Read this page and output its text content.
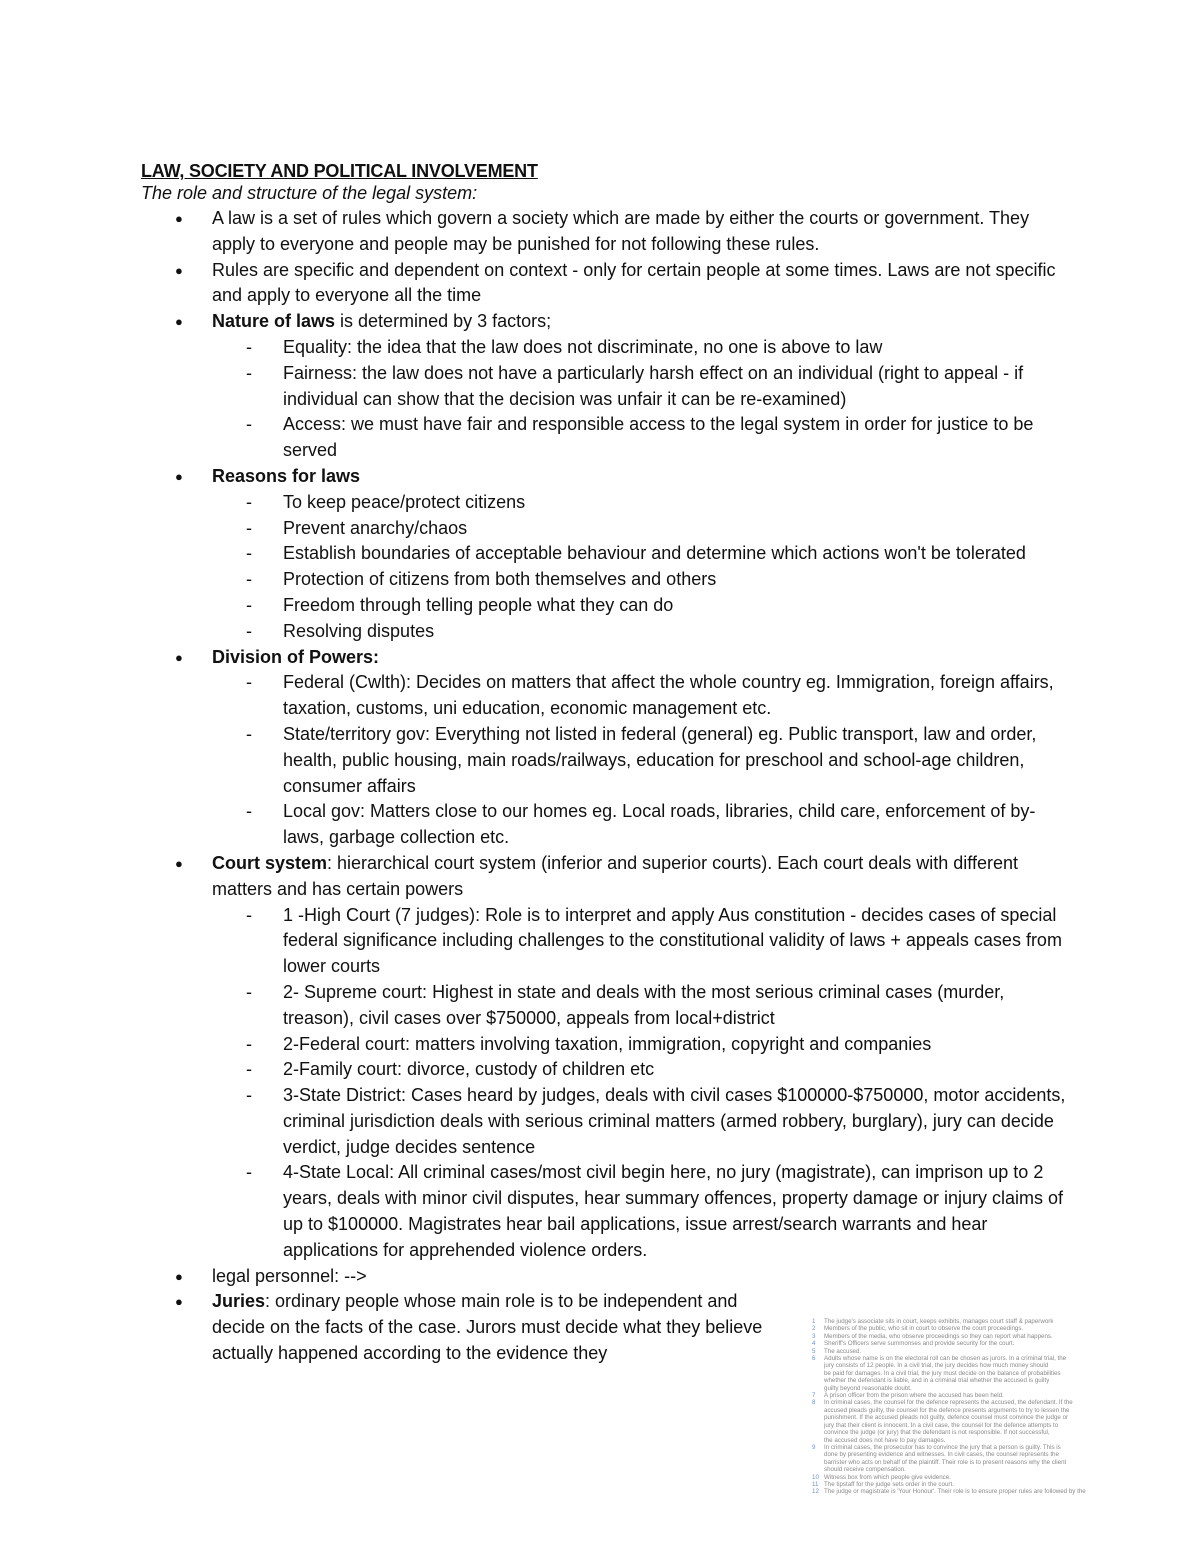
LAW, SOCIETY AND POLITICAL INVOLVEMENT
The role and structure of the legal system:
● A law is a set of rules which govern a society which are made by either the courts or government. They apply to everyone and people may be punished for not following these rules.
● Rules are specific and dependent on context - only for certain people at some times. Laws are not specific and apply to everyone all the time
● Nature of laws is determined by 3 factors;
- Equality: the idea that the law does not discriminate, no one is above to law
- Fairness: the law does not have a particularly harsh effect on an individual (right to appeal - if individual can show that the decision was unfair it can be re-examined)
- Access: we must have fair and responsible access to the legal system in order for justice to be served
● Reasons for laws
- To keep peace/protect citizens
- Prevent anarchy/chaos
- Establish boundaries of acceptable behaviour and determine which actions won't be tolerated
- Protection of citizens from both themselves and others
- Freedom through telling people what they can do
- Resolving disputes
● Division of Powers:
- Federal (Cwlth): Decides on matters that affect the whole country eg. Immigration, foreign affairs, taxation, customs, uni education, economic management etc.
- State/territory gov: Everything not listed in federal (general) eg. Public transport, law and order, health, public housing, main roads/railways, education for preschool and school-age children, consumer affairs
- Local gov: Matters close to our homes eg. Local roads, libraries, child care, enforcement of by-laws, garbage collection etc.
● Court system: hierarchical court system (inferior and superior courts). Each court deals with different matters and has certain powers
- 1 -High Court (7 judges): Role is to interpret and apply Aus constitution - decides cases of special federal significance including challenges to the constitutional validity of laws + appeals cases from lower courts
- 2- Supreme court: Highest in state and deals with the most serious criminal cases (murder, treason), civil cases over $750000, appeals from local+district
- 2-Federal court: matters involving taxation, immigration, copyright and companies
- 2-Family court: divorce, custody of children etc
- 3-State District: Cases heard by judges, deals with civil cases $100000-$750000, motor accidents, criminal jurisdiction deals with serious criminal matters (armed robbery, burglary), jury can decide verdict, judge decides sentence
- 4-State Local: All criminal cases/most civil begin here, no jury (magistrate), can imprison up to 2 years, deals with minor civil disputes, hear summary offences, property damage or injury claims of up to $100000. Magistrates hear bail applications, issue arrest/search warrants and hear applications for apprehended violence orders.
● legal personnel: -->
● Juries: ordinary people whose main role is to be independent and decide on the facts of the case. Jurors must decide what they believe actually happened according to the evidence they
1	The judge's associate sits in court, keeps exhibits, manages court staff & paperwork
2	Members of the public, who sit in court to observe the court proceedings.
3	Members of the media, who observe proceedings so they can report what happens.
4	Sheriff's Officers serve summonses and provide security for the court.
5	The accused.
6	Adults whose name is on the electoral roll can be chosen as jurors. In a criminal trial, the
jury consists of 12 people. In a civil trial, the jury decides how much money should
be paid for damages. In a civil trial, the jury must decide on the balance of probabilities
whether the defendant is liable, and in a criminal trial whether the accused is guilty
guilty beyond reasonable doubt.
7	A prison officer from the prison where the accused has been held.
8	In criminal cases, the counsel for the defence represents the accused, the defendant. If the
accused pleads guilty, the counsel for the defence presents arguments to try to lessen the
punishment. If the accused pleads not guilty, defence counsel must convince the judge or
jury that their client is innocent. In a civil case, the counsel for the defence attempts to
convince the judge (or jury) that the defendant is not responsible. If not successful,
the accused does not have to pay damages.
9	In criminal cases, the prosecutor has to convince the jury that a person is guilty. This is
done by presenting evidence and witnesses. In civil cases, the counsel represents the
barrister who acts on behalf of the plaintiff. Their role is to present reasons why the client
should receive compensation.
10 Witness box from which people give evidence.
11 The tipstaff for the judge sets order in the court.
12 The judge or magistrate is 'Your Honour'. Their role is to ensure proper rules are followed by the
